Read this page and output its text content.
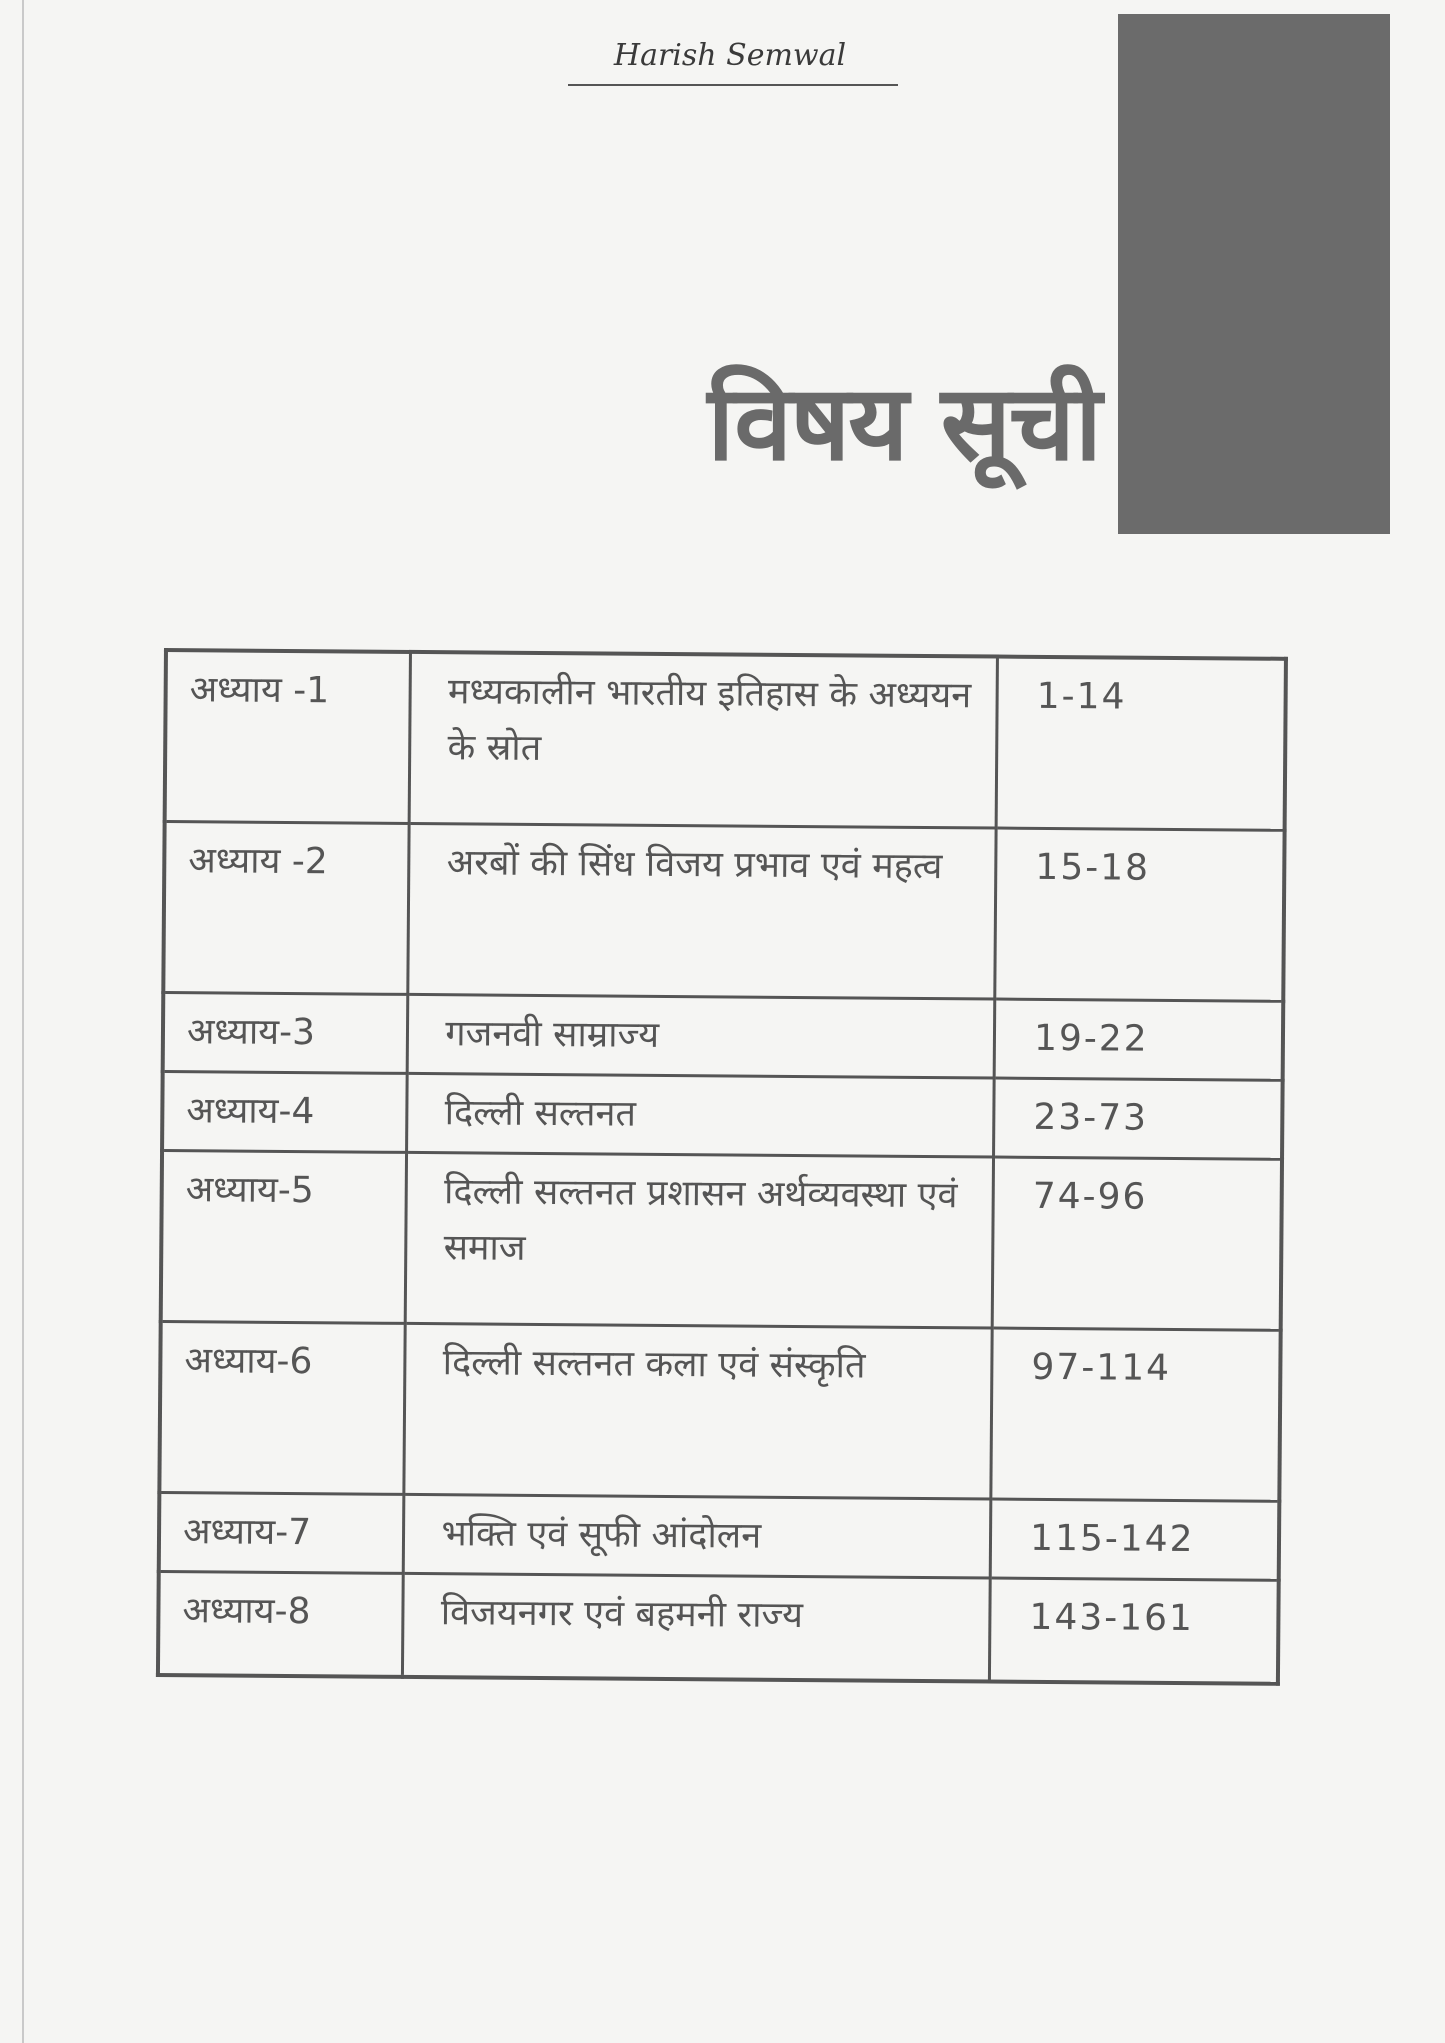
Harish Semwal
विषय सूची
अध्याय -1	मध्यकालीन भारतीय इतिहास के अध्ययन के स्रोत	1-14
अध्याय -2	अरबों की सिंध विजय प्रभाव एवं महत्व	15-18
अध्याय-3	गजनवी साम्राज्य	19-22
अध्याय-4	दिल्ली सल्तनत	23-73
अध्याय-5	दिल्ली सल्तनत प्रशासन अर्थव्यवस्था एवं समाज	74-96
अध्याय-6	दिल्ली सल्तनत कला एवं संस्कृति	97-114
अध्याय-7	भक्ति एवं सूफी आंदोलन	115-142
अध्याय-8	विजयनगर एवं बहमनी राज्य	143-161
